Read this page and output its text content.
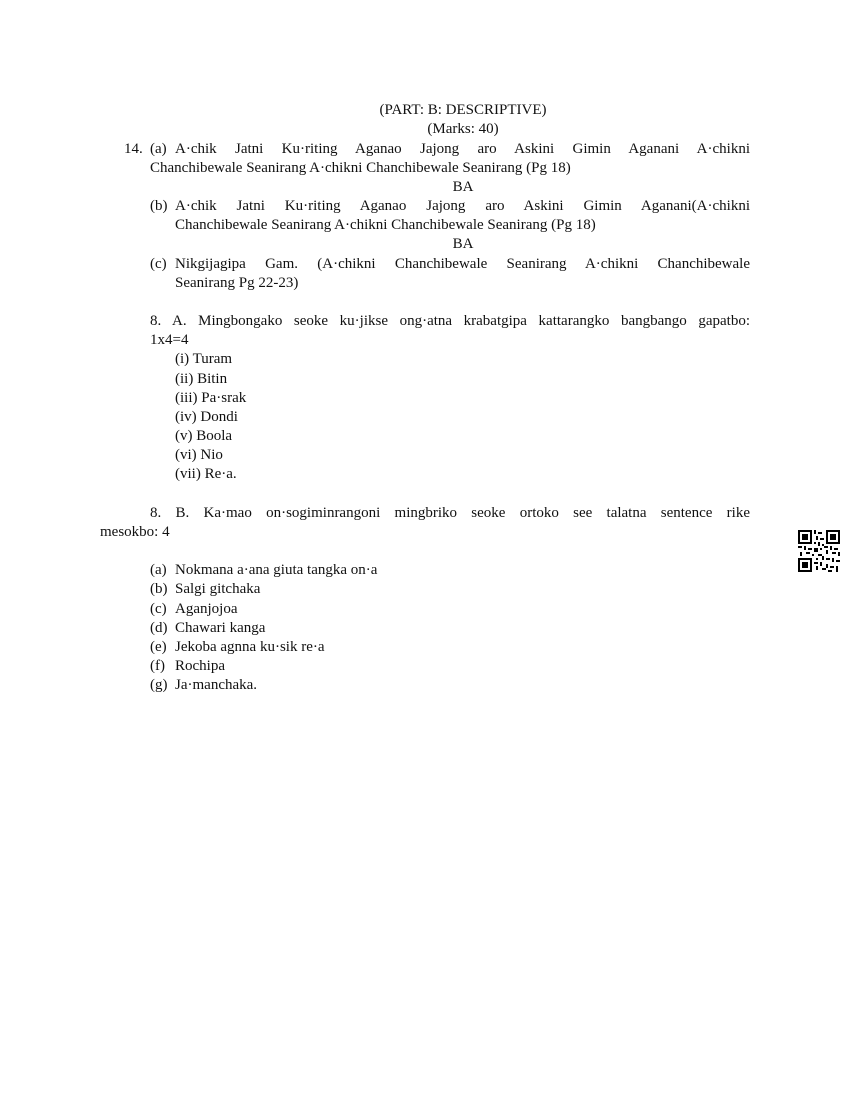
(PART: B: DESCRIPTIVE)
(Marks: 40)
14. (a) A·chik Jatni Ku·riting Aganao Jajong aro Askini Gimin Aganani A·chikni
Chanchibewale Seanirang A·chikni Chanchibewale Seanirang (Pg 18)
BA
(b) A·chik Jatni Ku·riting Aganao Jajong aro Askini Gimin Aganani(A·chikni
Chanchibewale Seanirang A·chikni Chanchibewale Seanirang (Pg 18)
BA
(c) Nikgijagipa Gam. (A·chikni Chanchibewale Seanirang A·chikni Chanchibewale
Seanirang Pg 22-23)
8. A. Mingbongako seoke ku·jikse ong·atna krabatgipa kattarangko bangbango gapatbo:
1x4=4
(i) Turam
(ii) Bitin
(iii) Pa·srak
(iv) Dondi
(v) Boola
(vi) Nio
(vii) Re·a.
8. B. Ka·mao on·sogiminrangoni mingbriko seoke ortoko see talatna sentence rike
mesokbo: 4
(a) Nokmana a·ana giuta tangka on·a
(b) Salgi gitchaka
(c) Aganjojoa
(d) Chawari kanga
(e) Jekoba agnna ku·sik re·a
(f) Rochipa
(g) Ja·manchaka.
